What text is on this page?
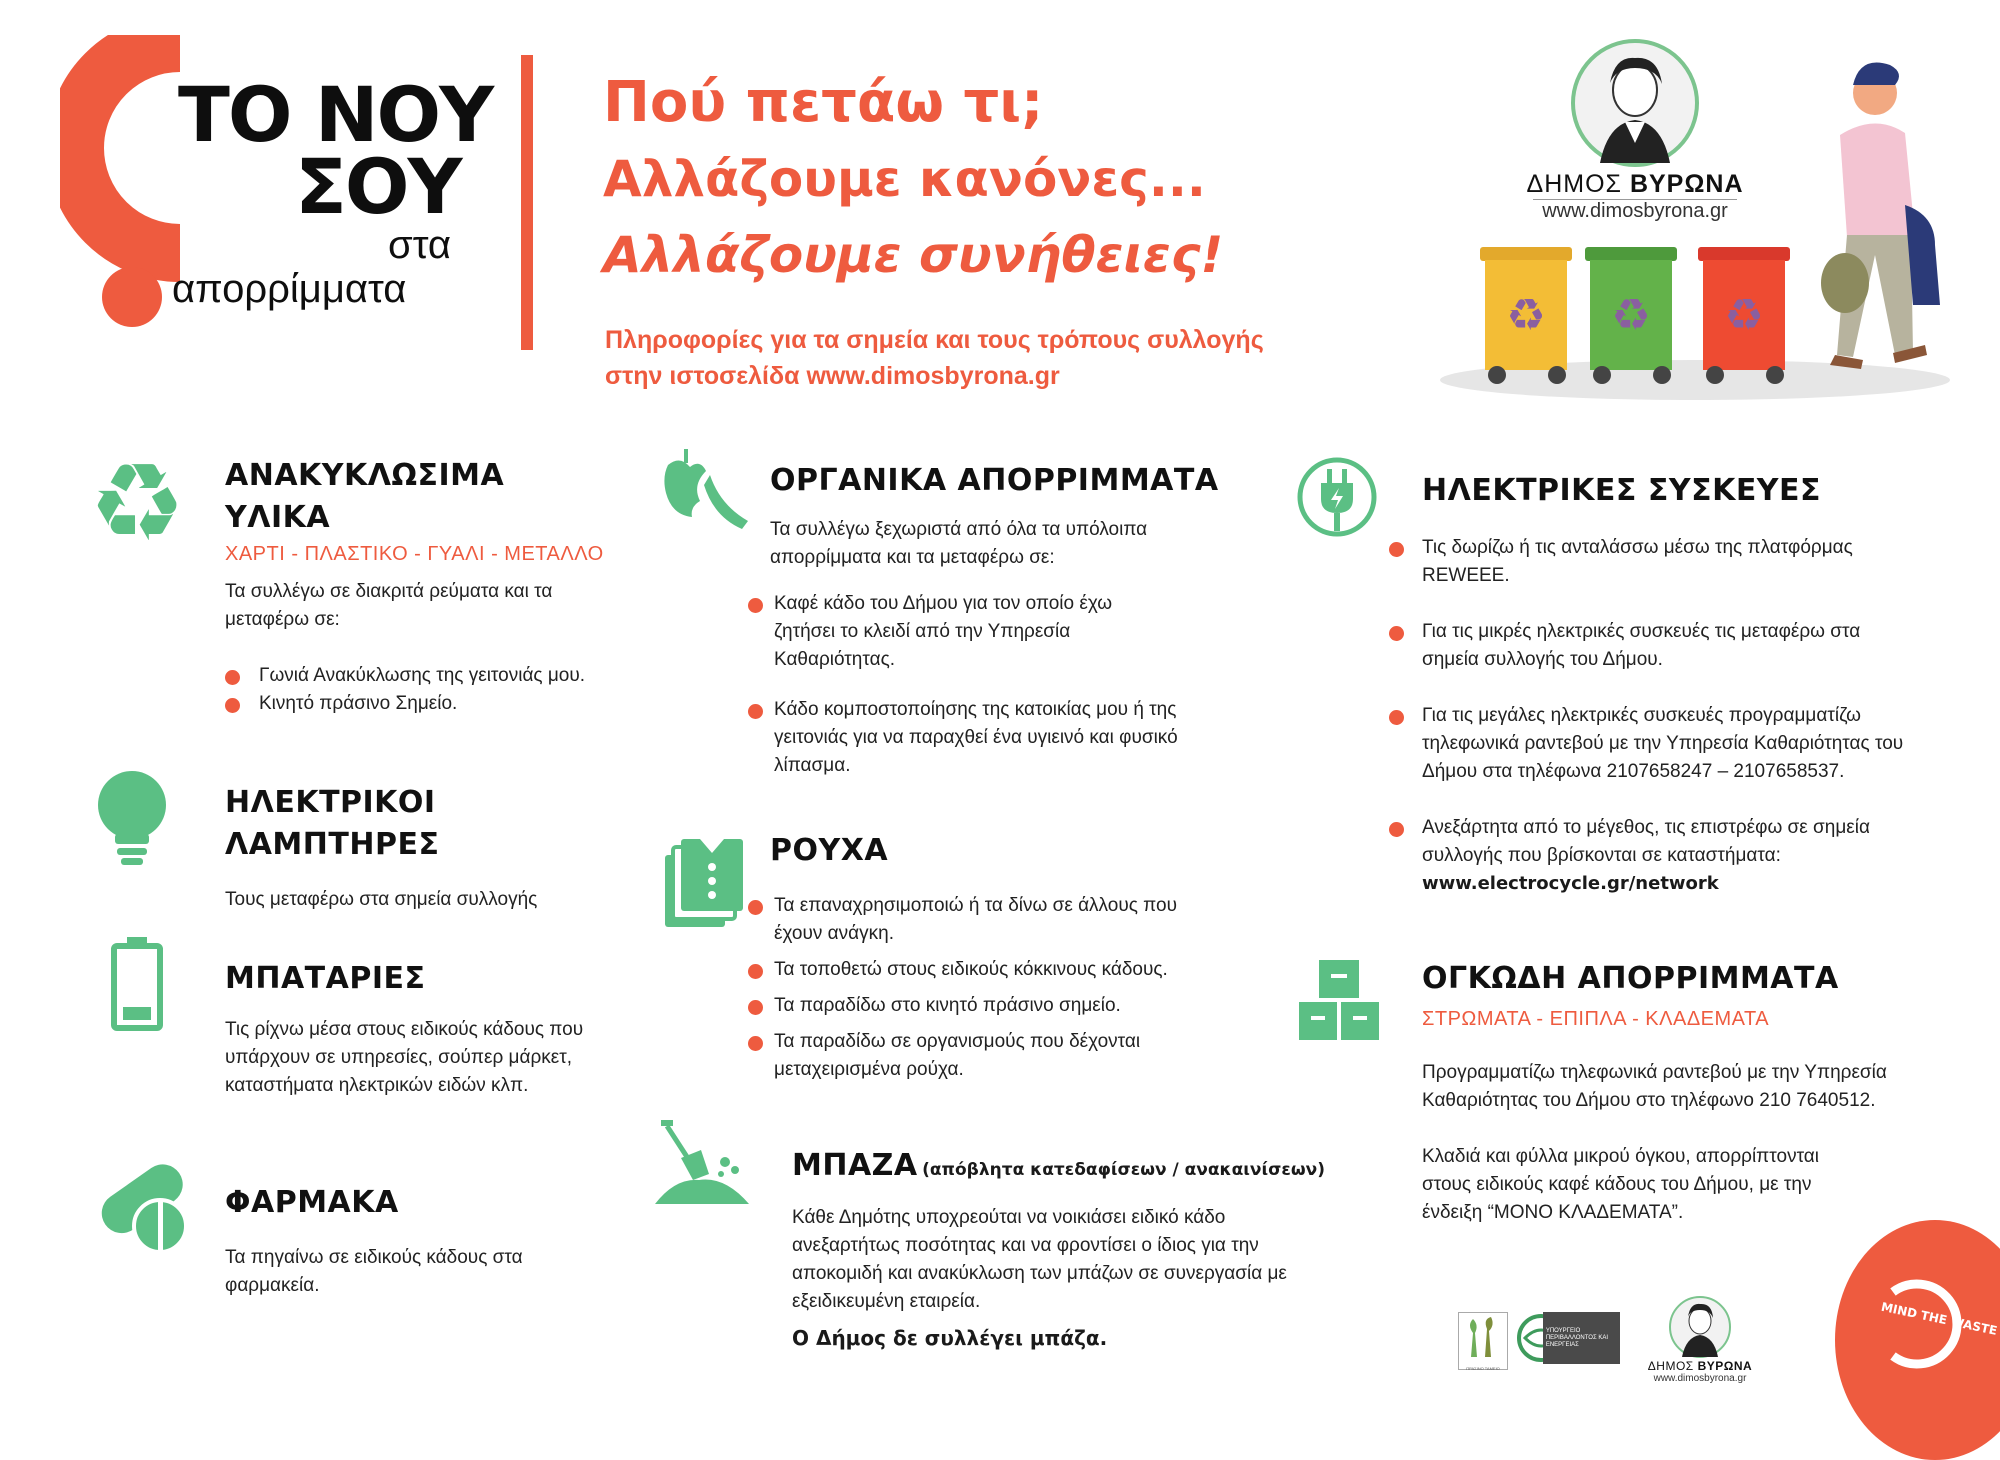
ΤΟ ΝΟΥ
ΣΟΥ
στα
απορρίμματα
Πού πετάω τι;
Αλλάζουμε κανόνες...
Αλλάζουμε συνήθειες!
Πληροφορίες για τα σημεία και τους τρόπους συλλογής
στην ιστοσελίδα www.dimosbyrona.gr
ΔΗΜΟΣ ΒΥΡΩΝΑ
www.dimosbyrona.gr
♻ ♻ ♻
♻ ΑΝΑΚΥΚΛΩΣΙΜΑ
ΥΛΙΚΑ
ΧΑΡΤΙ - ΠΛΑΣΤΙΚΟ - ΓΥΑΛΙ - ΜΕΤΑΛΛΟ
Τα συλλέγω σε διακριτά ρεύματα και τα μεταφέρω σε:
Γωνιά Ανακύκλωσης της γειτονιάς μου.
Κινητό πράσινο Σημείο.
ΗΛΕΚΤΡΙΚΟΙ ΛΑΜΠΤΗΡΕΣ
Τους μεταφέρω στα σημεία συλλογής
ΜΠΑΤΑΡΙΕΣ
Τις ρίχνω μέσα στους ειδικούς κάδους που υπάρχουν σε υπηρεσίες, σούπερ μάρκετ, καταστήματα ηλεκτρικών ειδών κλπ.
ΦΑΡΜΑΚΑ
Τα πηγαίνω σε ειδικούς κάδους στα φαρμακεία.
ΟΡΓΑΝΙΚΑ ΑΠΟΡΡΙΜΜΑΤΑ
Τα συλλέγω ξεχωριστά από όλα τα υπόλοιπα απορρίμματα και τα μεταφέρω σε:
Καφέ κάδο του Δήμου για τον οποίο έχω ζητήσει το κλειδί από την Υπηρεσία Καθαριότητας.
Κάδο κομποστοποίησης της κατοικίας μου ή της γειτονιάς για να παραχθεί ένα υγιεινό και φυσικό λίπασμα.
ΡΟΥΧΑ
Τα επαναχρησιμοποιώ ή τα δίνω σε άλλους που έχουν ανάγκη.
Τα τοποθετώ στους ειδικούς κόκκινους κάδους.
Τα παραδίδω στο κινητό πράσινο σημείο.
Τα παραδίδω σε οργανισμούς που δέχονται μεταχειρισμένα ρούχα.
ΜΠΑΖΑ (απόβλητα κατεδαφίσεων / ανακαινίσεων)
Κάθε Δημότης υποχρεούται να νοικιάσει ειδικό κάδο ανεξαρτήτως ποσότητας και να φροντίσει ο ίδιος για την αποκομιδή και ανακύκλωση των μπάζων σε συνεργασία με εξειδικευμένη εταιρεία.
Ο Δήμος δε συλλέγει μπάζα.
ΗΛΕΚΤΡΙΚΕΣ ΣΥΣΚΕΥΕΣ
Τις δωρίζω ή τις ανταλάσσω μέσω της πλατφόρμας REWEEE.
Για τις μικρές ηλεκτρικές συσκευές τις μεταφέρω στα σημεία συλλογής του Δήμου.
Για τις μεγάλες ηλεκτρικές συσκευές προγραμματίζω τηλεφωνικά ραντεβού με την Υπηρεσία Καθαριότητας του Δήμου στα τηλέφωνα 2107658247 – 2107658537.
Ανεξάρτητα από το μέγεθος, τις επιστρέφω σε σημεία συλλογής που βρίσκονται σε καταστήματα:
www.electrocycle.gr/network
ΟΓΚΩΔΗ ΑΠΟΡΡΙΜΜΑΤΑ
ΣΤΡΩΜΑΤΑ - ΕΠΙΠΛΑ - ΚΛΑΔΕΜΑΤΑ
Προγραμματίζω τηλεφωνικά ραντεβού με την Υπηρεσία Καθαριότητας του Δήμου στο τηλέφωνο 210 7640512.
Κλαδιά και φύλλα μικρού όγκου, απορρίπτονται στους ειδικούς καφέ κάδους του Δήμου, με την ένδειξη “ΜΟΝΟ ΚΛΑΔΕΜΑΤΑ”.
ΠΡΑΣΙΝΟ ΤΑΜΕΙΟ
ΥΠΟΥΡΓΕΙΟ ΠΕΡΙΒΑΛΛΟΝΤΟΣ ΚΑΙ ΕΝΕΡΓΕΙΑΣ
ΔΗΜΟΣ ΒΥΡΩΝΑ
www.dimosbyrona.gr
MIND THE WASTE
